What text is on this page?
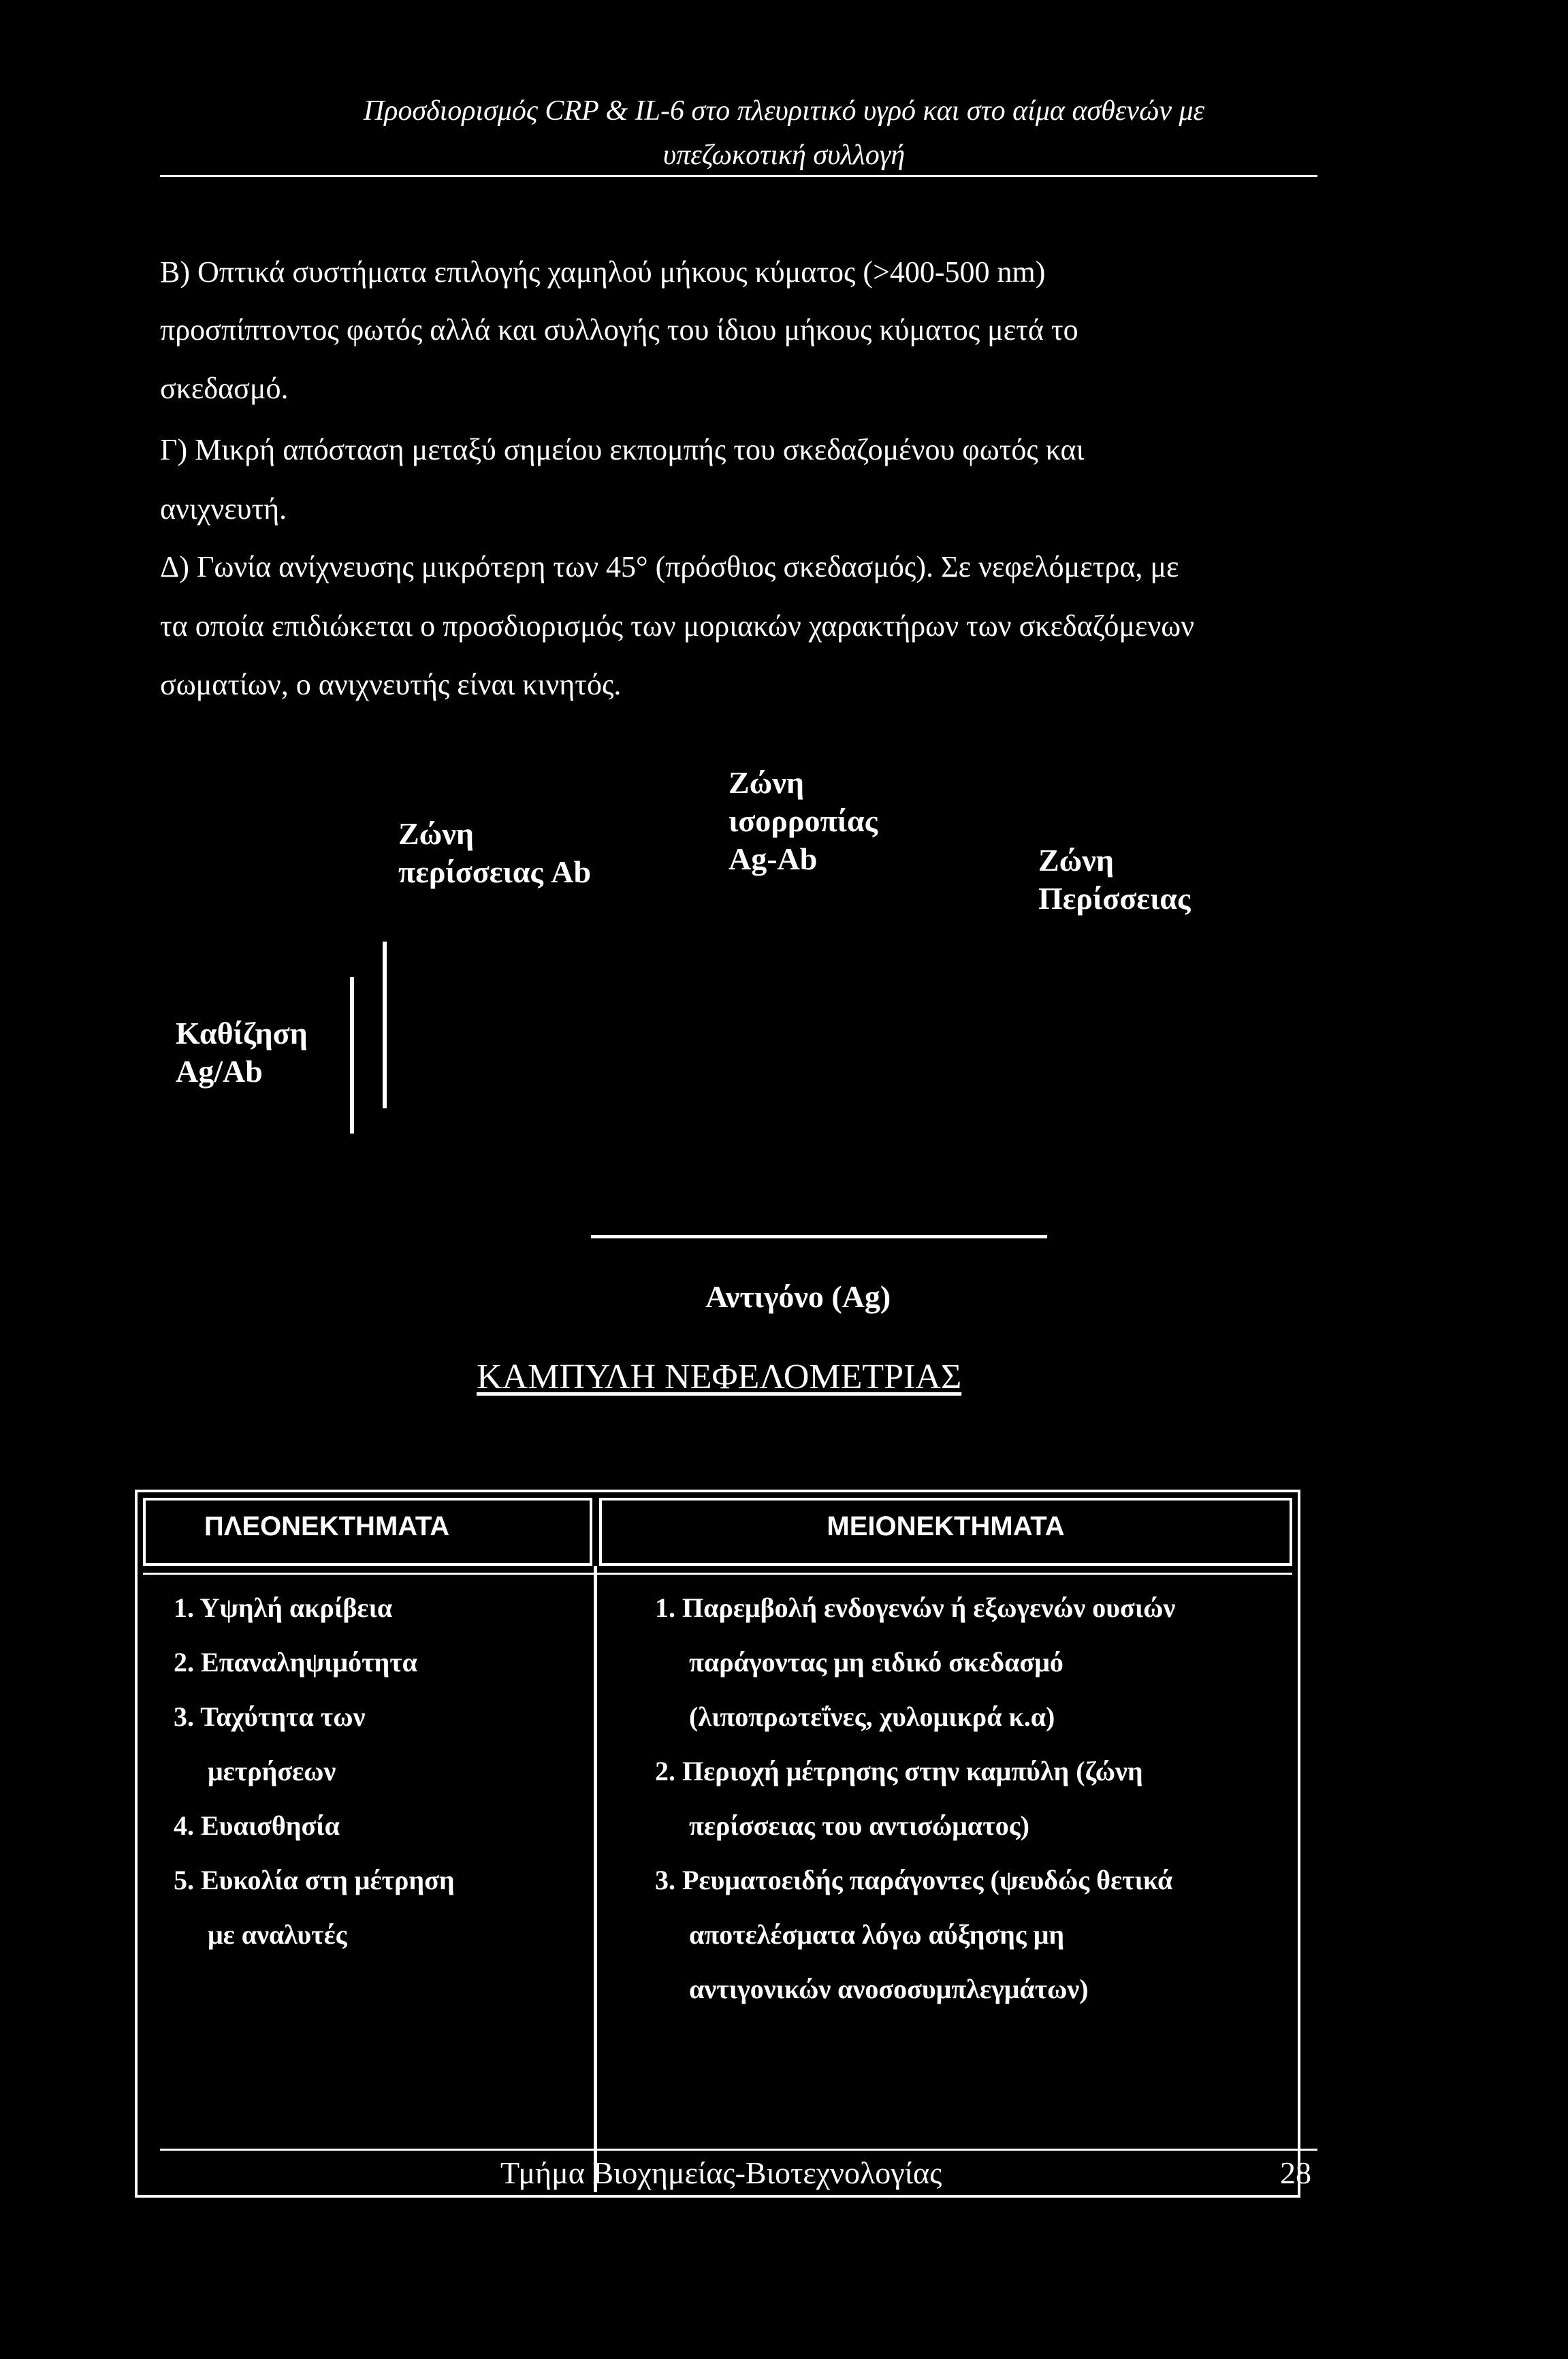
Προσδιορισμός CRP & IL-6 στο πλευριτικό υγρό και στο αίμα ασθενών με
υπεζωκοτική συλλογή
Β) Οπτικά συστήματα επιλογής χαμηλού μήκους κύματος (>400-500 nm)
προσπίπτοντος φωτός αλλά και συλλογής του ίδιου μήκους κύματος μετά το
σκεδασμό.
Γ) Μικρή απόσταση μεταξύ σημείου εκπομπής του σκεδαζομένου φωτός και
ανιχνευτή.
Δ) Γωνία ανίχνευσης μικρότερη των 45° (πρόσθιος σκεδασμός). Σε νεφελόμετρα, με
τα οποία επιδιώκεται ο προσδιορισμός των μοριακών χαρακτήρων των σκεδαζόμενων
σωματίων, ο ανιχνευτής είναι κινητός.
Ζώνη
περίσσειας Ab
Ζώνη
ισορροπίας
Ag-Ab	Ζώνη
Περίσσειας
Καθίζηση
Ag/Ab
Αντιγόνο (Ag)
ΚΑΜΠΥΛΗ ΝΕΦΕΛΟΜΕΤΡΙΑΣ
ΠΛΕΟΝΕΚΤΗΜΑΤΑ	ΜΕΙΟΝΕΚΤΗΜΑΤΑ
1. Υψηλή ακρίβεια
2. Επαναληψιμότητα
3. Ταχύτητα των
μετρήσεων
4. Ευαισθησία
5. Ευκολία στη μέτρηση
με αναλυτές
1. Παρεμβολή ενδογενών ή εξωγενών ουσιών
παράγοντας μη ειδικό σκεδασμό
(λιποπρωτεΐνες, χυλομικρά κ.α)
2. Περιοχή μέτρησης στην καμπύλη (ζώνη
περίσσειας του αντισώματος)
3. Ρευματοειδής παράγοντες (ψευδώς θετικά
αποτελέσματα λόγω αύξησης μη
αντιγονικών ανοσοσυμπλεγμάτων)
Τμήμα Βιοχημείας-Βιοτεχνολογίας	28
